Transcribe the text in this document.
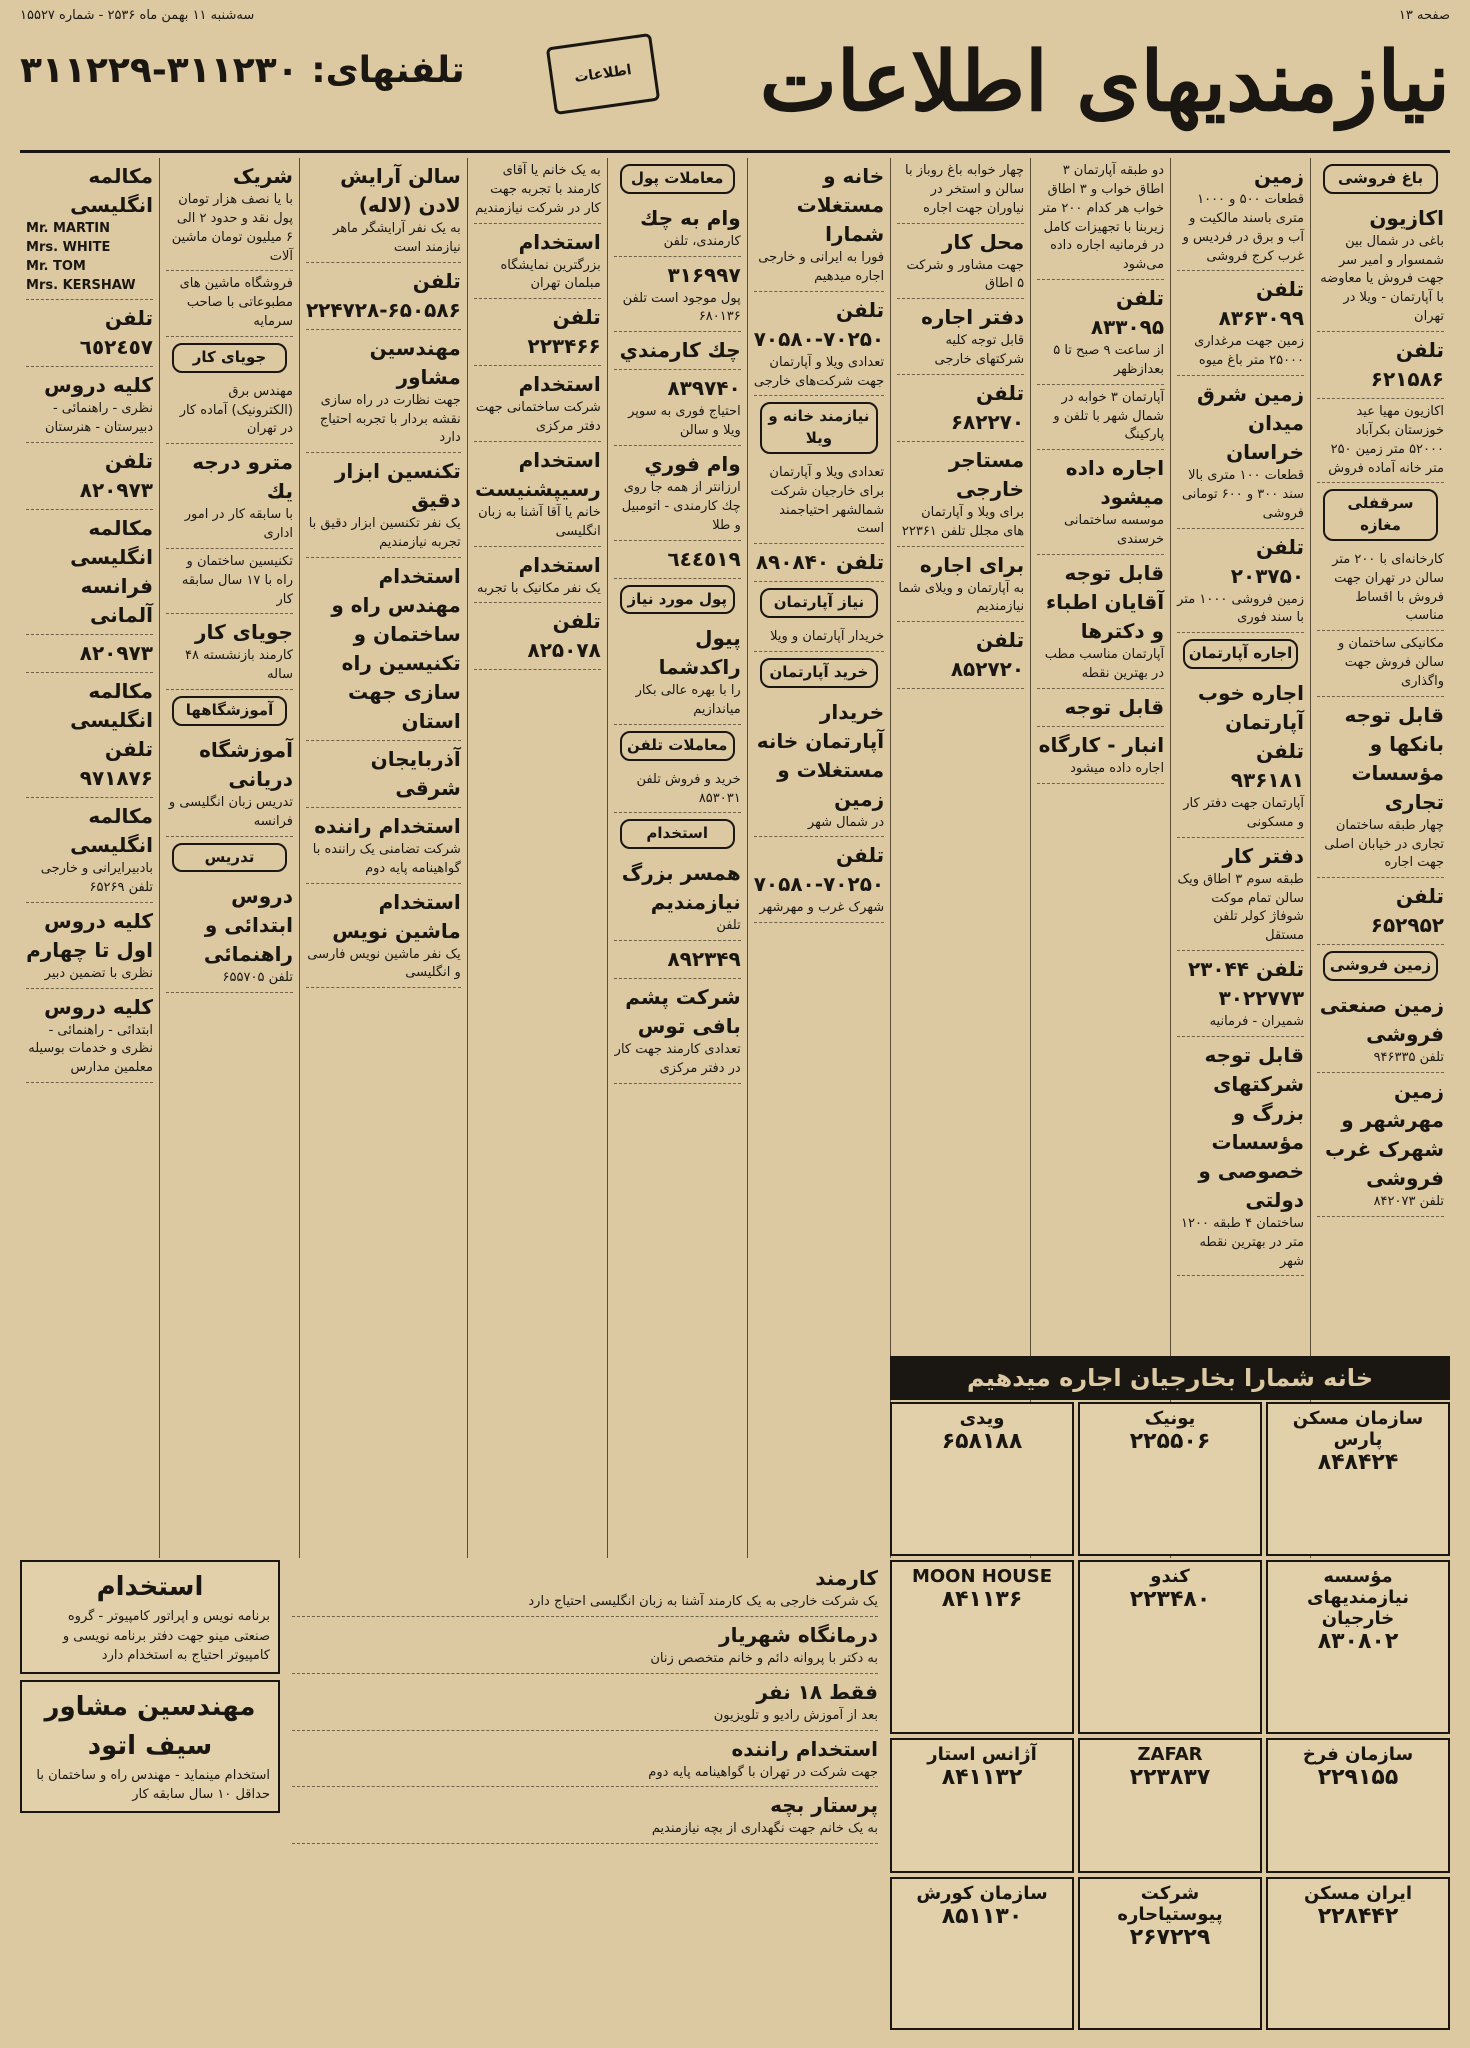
صفحه ۱۳
سه‌شنبه ۱۱ بهمن ماه ۲۵۳۶ - شماره ۱۵۵۲۷
نیازمندیهای اطلاعات
اطلاعات
تلفنهای: ۳۱۱۲۳۰-۳۱۱۲۲۹
باغ فروشی
اکازیون
باغی در شمال بین شمسوار و امیر سر جهت فروش یا معاوضه با آپارتمان - ویلا در تهران
تلفن ۶۲۱۵۸۶
اکازیون مهیا عید خوزستان بکرآباد ۵۲۰۰۰ متر زمین ۲۵۰ متر خانه آماده فروش
سرقفلی مغازه
کارخانه‌ای با ۲۰۰ متر سالن در تهران جهت فروش با اقساط مناسب
مکانیکی ساختمان و سالن فروش جهت واگذاری
قابل توجه بانکها و مؤسسات تجاری
چهار طبقه ساختمان تجاری در خیابان اصلی جهت اجاره
تلفن ۶۵۲۹۵۲
زمین فروشی
زمین صنعتی فروشی
تلفن ۹۴۶۳۳۵
زمین مهرشهر و شهرک غرب فروشی
تلفن ۸۴۲۰۷۳
زمین
قطعات ۵۰۰ و ۱۰۰۰ متری باسند مالکیت و آب و برق در فردیس و غرب کرج فروشی
تلفن ۸۳۶۳۰۹۹
زمین جهت مرغداری ۲۵۰۰۰ متر باغ میوه
زمین شرق میدان خراسان
قطعات ۱۰۰ متری بالا سند ۳۰۰ و ۶۰۰ تومانی فروشی
تلفن ۲۰۳۷۵۰
زمین فروشی ۱۰۰۰ متر با سند فوری
اجاره آپارتمان
اجاره خوب آپارتمان تلفن ۹۳۶۱۸۱
آپارتمان جهت دفتر کار و مسکونی
دفتر کار
طبقه سوم ۳ اطاق ویک سالن تمام موکت شوفاژ کولر تلفن مستقل
تلفن ۲۳۰۴۴ ۳۰۲۲۷۷۳
شمیران - فرمانیه
قابل توجه شرکتهای بزرگ و مؤسسات خصوصی و دولتی
ساختمان ۴ طبقه ۱۲۰۰ متر در بهترین نقطه شهر
دو طبقه آپارتمان ۳ اطاق خواب و ۳ اطاق خواب هر کدام ۲۰۰ متر زیربنا با تجهیزات کامل در فرمانیه اجاره داده می‌شود
تلفن ۸۳۳۰۹۵
از ساعت ۹ صبح تا ۵ بعدازظهر
آپارتمان ۳ خوابه در شمال شهر با تلفن و پارکینگ
اجاره داده میشود
موسسه ساختمانی خرسندی
قابل توجه آقایان اطباء و دکترها
آپارتمان مناسب مطب در بهترین نقطه
قابل توجه
انبار - کارگاه
اجاره داده میشود
چهار خوابه باغ روباز با سالن و استخر در نیاوران جهت اجاره
محل کار
جهت مشاور و شرکت ۵ اطاق
دفتر اجاره
قابل توجه کلیه شرکتهای خارجی
تلفن ۶۸۲۲۷۰
مستاجر خارجی
برای ویلا و آپارتمان های مجلل تلفن ۲۲۳۶۱
برای اجاره
به آپارتمان و ویلای شما نیازمندیم
تلفن ۸۵۲۷۲۰
خانه و مستغلات شمارا
فورا به ایرانی و خارجی اجاره میدهیم
تلفن ۷۰۲۵۰-۷۰۵۸۰
تعدادی ویلا و آپارتمان جهت شرکت‌های خارجی
نیازمند خانه و ویلا
تعدادی ویلا و آپارتمان برای خارجیان شرکت شمالشهر احتیاجمند است
تلفن ۸۹۰۸۴۰
نیاز آپارتمان
خریدار آپارتمان و ویلا
خرید آپارتمان
خریدار آپارتمان خانه مستغلات و زمین
در شمال شهر
تلفن ۷۰۲۵۰-۷۰۵۸۰
شهرک غرب و مهرشهر
معاملات پول
وام به چك
کارمندی، تلفن
۳۱۶۹۹۷
پول موجود است تلفن ۶۸۰۱۳۶
چك كارمندي
۸۳۹۷۴۰
احتیاج فوری به سوپر ویلا و سالن
وام فوري
ارزانتر از همه جا روی چك كارمندی - اتومبیل و طلا
٦٤٤٥١٩
پول مورد نیاز
پیول راکدشما
را با بهره عالی بکار میاندازیم
معاملات تلفن
خرید و فروش تلفن ۸۵۳۰۳۱
استخدام
همسر بزرگ نیازمندیم
تلفن
۸۹۲۳۴۹
شرکت پشم بافی توس
تعدادی کارمند جهت کار در دفتر مرکزی
به یک خانم یا آقای کارمند با تجربه جهت کار در شرکت نیازمندیم
استخدام
بزرگترین نمایشگاه مبلمان تهران
تلفن ۲۲۳۴۶۶
استخدام
شرکت ساختمانی جهت دفتر مرکزی
استخدام رسیپشنیست
خانم یا آقا آشنا به زبان انگلیسی
استخدام
یک نفر مکانیک با تجربه
تلفن ۸۲۵۰۷۸
سالن آرایش لادن (لاله)
به یک نفر آرایشگر ماهر نیازمند است
تلفن ۶۵۰۵۸۶-۲۲۴۷۲۸
مهندسین مشاور
جهت نظارت در راه سازی نقشه بردار با تجربه احتیاج دارد
تکنسین ابزار دقیق
یک نفر تکنسین ابزار دقیق با تجربه نیازمندیم
استخدام مهندس راه و ساختمان و تکنیسین راه سازی جهت استان
آذربایجان شرقی
استخدام راننده
شرکت تضامنی یک راننده با گواهینامه پایه دوم
استخدام ماشین نویس
یک نفر ماشین نویس فارسی و انگلیسی
شریک
با یا نصف هزار تومان پول نقد و حدود ۲ الی ۶ میلیون تومان ماشین آلات
فروشگاه ماشین های مطبوعاتی با صاحب سرمایه
جویای کار
مهندس برق (الکترونیک) آماده کار در تهران
مترو درجه یك
با سابقه کار در امور اداری
تکنیسین ساختمان و راه با ۱۷ سال سابقه کار
جویای کار
کارمند بازنشسته ۴۸ ساله
آموزشگاهها
آموزشگاه دریانی
تدریس زبان انگلیسی و فرانسه
تدریس
دروس ابتدائی و راهنمائی
تلفن ۶۵۵۷۰۵
مكالمه انگلیسی
Mr. MARTIN
Mrs. WHITE
Mr. TOM
Mrs. KERSHAW
تلفن ٦٥٢٤٥٧
کلیه دروس
نظری - راهنمائی - دبیرستان - هنرستان
تلفن ۸۲۰۹۷۳
مكالمه انگلیسی فرانسه آلمانی
٨٢٠٩٧٣
مكالمه انگلیسی تلفن ۹۷۱۸۷۶
مكالمه انگلیسی
بادبیرایرانی و خارجی تلفن ۶۵۲۶۹
كلیه دروس اول تا چهارم
نظری با تضمین دبیر
كلیه دروس
ابتدائی - راهنمائی - نظری و خدمات بوسیله معلمین مدارس
استخدام
برنامه نویس و اپراتور کامپیوتر - گروه صنعتی مینو جهت دفتر برنامه نویسی و کامپیوتر احتیاج به استخدام دارد
مهندسین مشاور سیف اتود
استخدام مینماید - مهندس راه و ساختمان با حداقل ۱۰ سال سابقه کار
کارمند
یک شرکت خارجی به یک کارمند آشنا به زبان انگلیسی احتیاج دارد
درمانگاه شهریار
به دکتر با پروانه دائم و خانم متخصص زنان
فقط ۱۸ نفر
بعد از آموزش رادیو و تلویزیون
استخدام راننده
جهت شرکت در تهران با گواهینامه پایه دوم
پرستار بچه
به یک خانم جهت نگهداری از بچه نیازمندیم
خانه شمارا بخارجیان اجاره میدهیم
سازمان مسکن پارس
۸۴۸۴۲۴
یونیک
۲۲۵۵۰۶
ویدی
۶۵۸۱۸۸
مؤسسه نیازمندیهای خارجیان
۸۳۰۸۰۲
کندو
۲۲۳۴۸۰
MOON HOUSE
۸۴۱۱۳۶
سازمان فرخ
۲۲۹۱۵۵
ZAFAR
۲۲۳۸۳۷
آژانس استار
۸۴۱۱۳۲
ایران مسکن
۲۲۸۴۴۲
شرکت پیوستیاحاره
۲۶۷۲۲۹
سازمان کورش
۸۵۱۱۳۰
